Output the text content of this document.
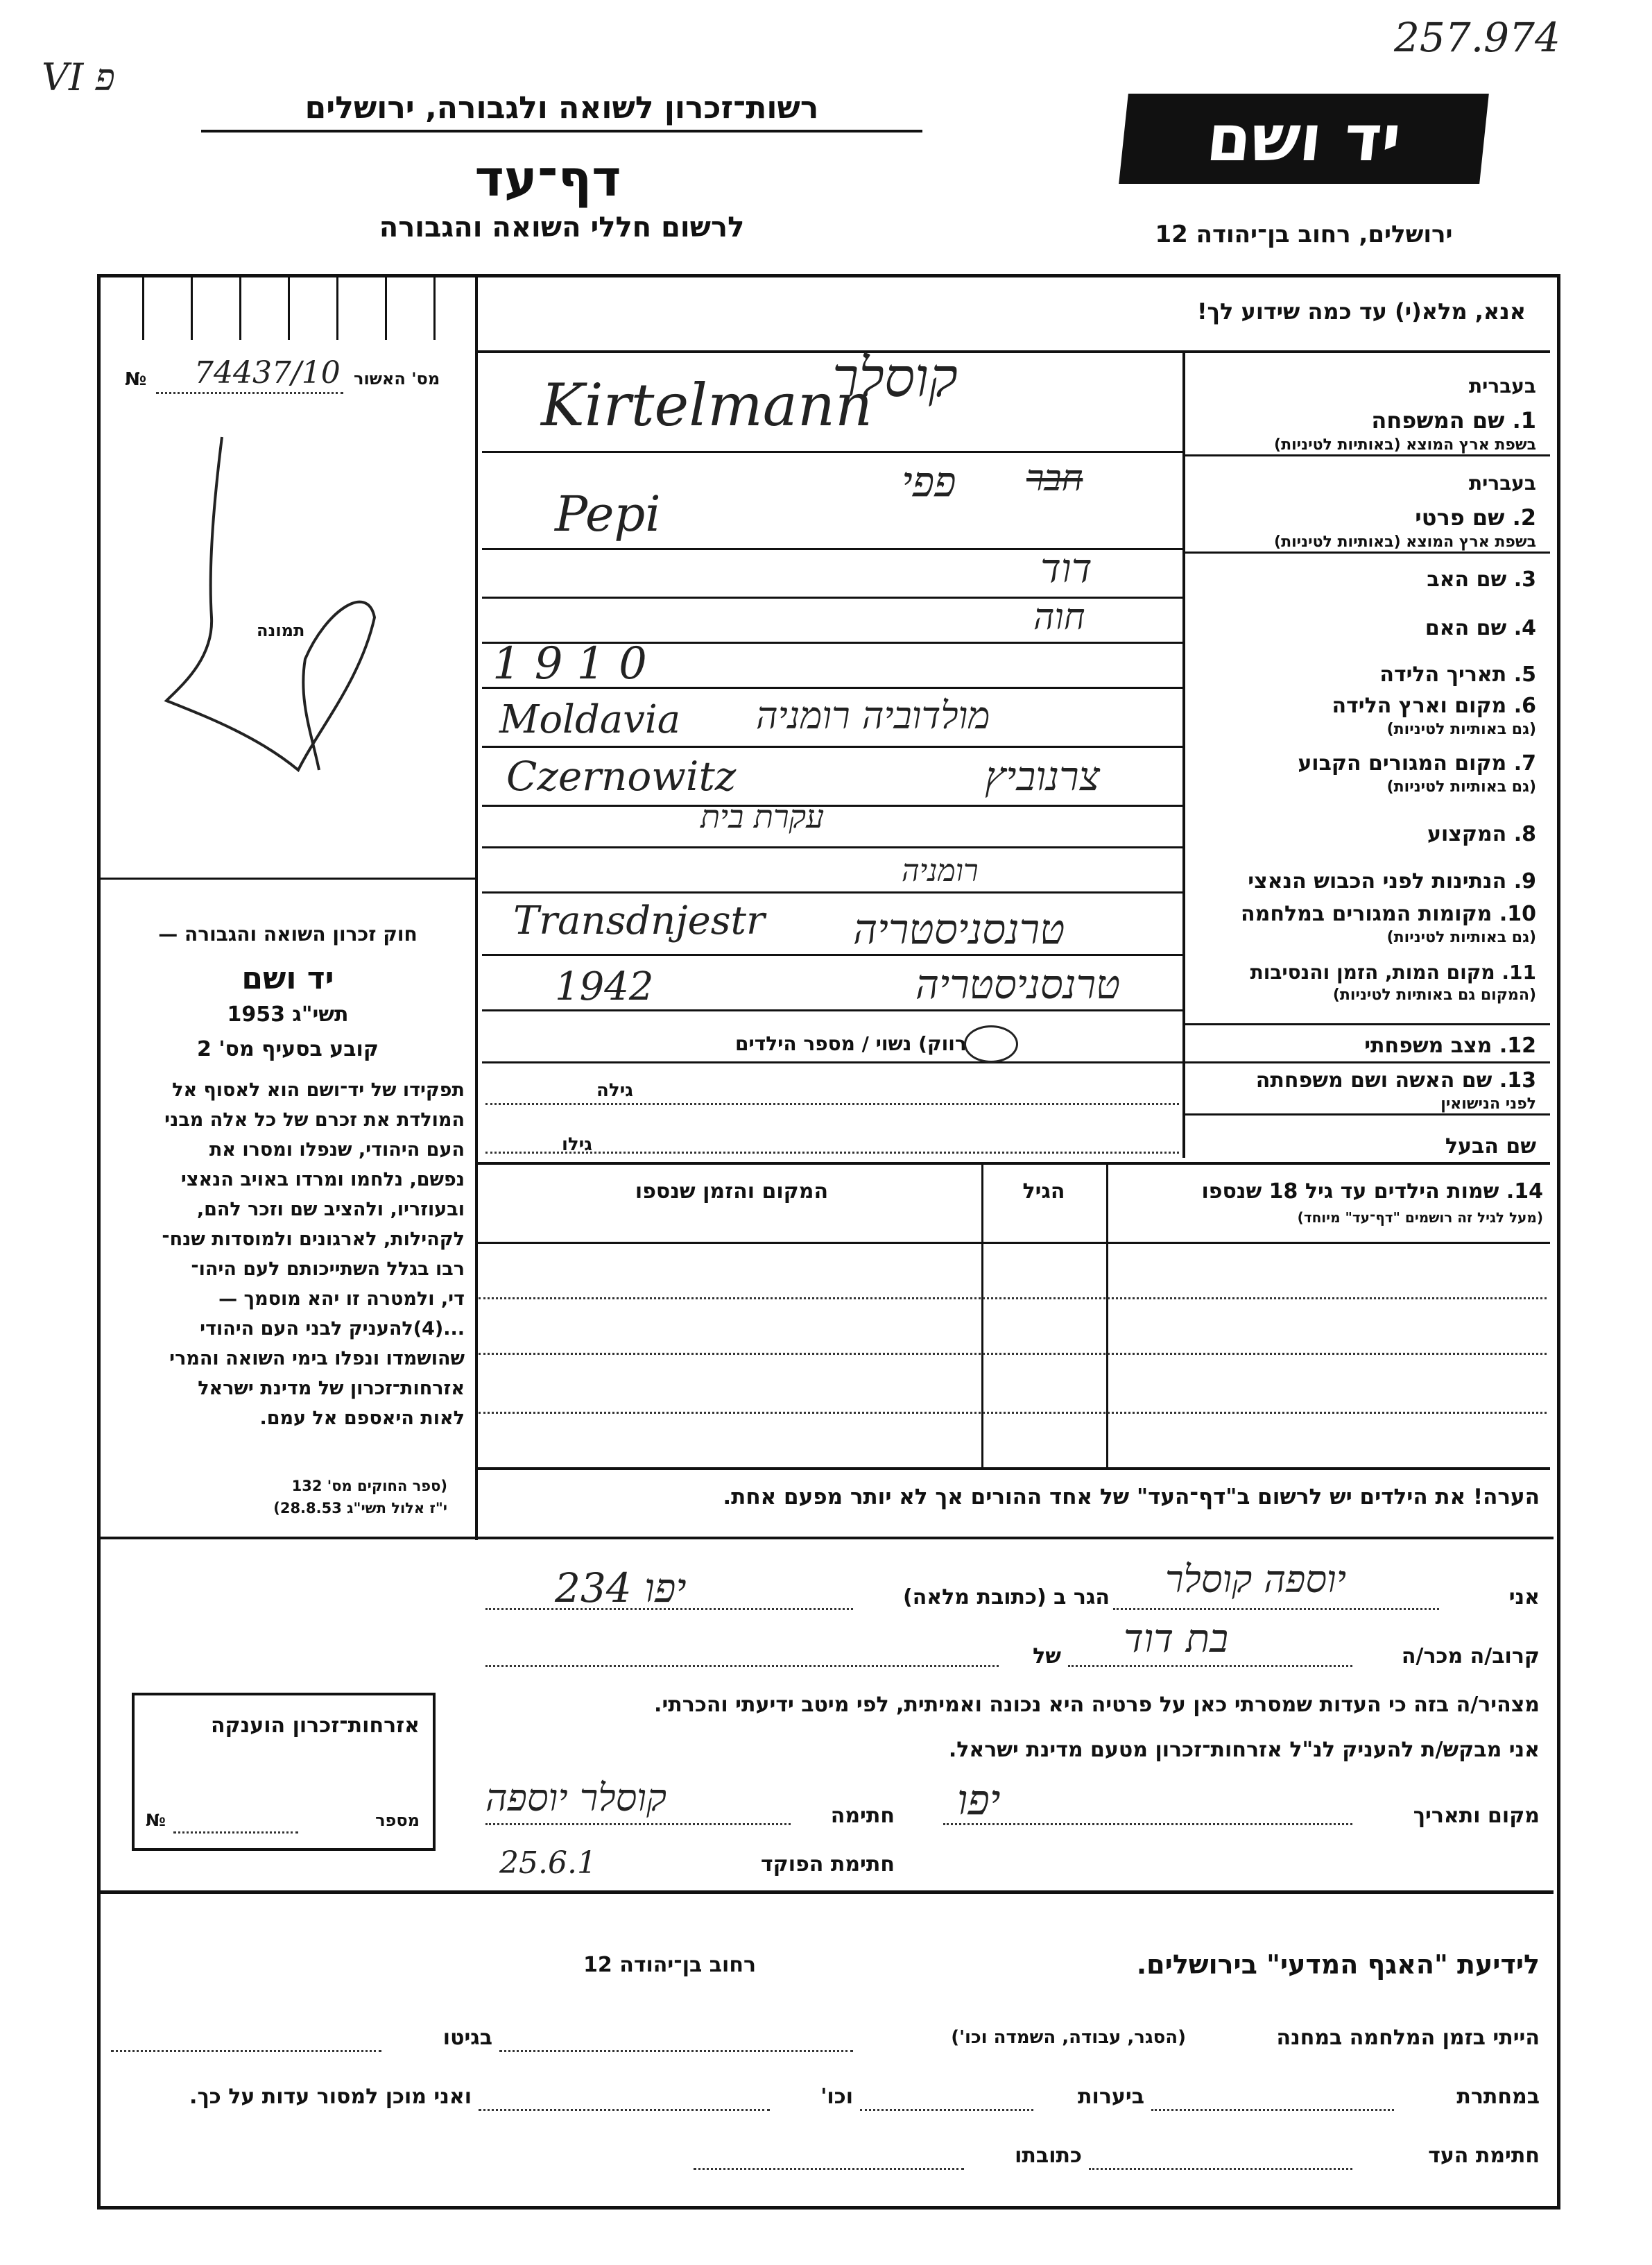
257.974
VI פ
רשות־זכרון לשואה ולגבורה, ירושלים
דף־עד
לרשום חללי השואה והגבורה
יד ושם
ירושלים, רחוב בן־יהודה 12
מס' האשור
№ 74437/10
תמונה
חוק זכרון השואה והגבורה —
יד ושם
תשי"ג 1953
קובע בסעיף מס' 2
תפקידו של יד־ושם הוא לאסוף אל
המולדת את זכרם של כל אלה מבני
העם היהודי, שנפלו ומסרו את
נפשם, נלחמו ומרדו באויב הנאצי
ובעוזריו, ולהציב שם וזכר להם,
לקהילות, לארגונים ולמוסדות שנח־
רבו בגלל השתייכותם לעם היהו־
די, ולמטרה זו יהא מוסמך —
...(4)להעניק לבני העם היהודי
שהושמדו ונפלו בימי השואה והמרי
אזרחות־זכרון של מדינת ישראל
לאות היאספם אל עמם.
(ספר החוקים מס' 132
י"ז אלול תשי"ג 28.8.53)
אנא, מלא(י) עד כמה שידוע לך!
בעברית
1. שם המשפחה
בשפת ארץ המוצא (באותיות לטיניות)
קוסלר
Kirtelmann
חבר	בעברית
2. שם פרטי
בשפת ארץ המוצא (באותיות לטיניות)
פפי
Pepi
3. שם האב
דוד
4. שם האם
חוה
5. תאריך הלידה
1910
6. מקום וארץ הלידה
(גם באותיות לטיניות)
מולדוביה רומניה
Moldavia
7. מקום המגורים הקבוע
(גם באותיות לטיניות)
צרנוביץ
Czernowitz
8. המקצוע
עקרת בית
9. הנתינות לפני הכבוש הנאצי
רומניה
10. מקומות המגורים במלחמה
(גם באותיות לטיניות)
טרנסניסטריה
Transdnjestr
11. מקום המות, הזמן והנסיבות
(המקום גם באותיות לטיניות)
טרנסניסטריה
1942
12. מצב משפחתי
רווק) נשוי / מספר הילדים
13. שם האשה ושם משפחתה
לפני הנישואין
גילה
שם הבעל
גילו
14. שמות הילדים עד גיל 18 שנספו
(מעל לגיל זה רושמים "דף־עד" מיוחד)
הגיל
המקום והזמן שנספו
הערה! את הילדים יש לרשום ב"דף־העד" של אחד ההורים אך לא יותר מפעם אחת.
אני
יוספה קוסלר
הגר ב (כתובת מלאה)
יפו 234
קרוב/ה מכר/ה
בת דוד
של
מצהיר/ה בזה כי העדות שמסרתי כאן על פרטיה היא נכונה ואמיתית, לפי מיטב ידיעתי והכרתי.
אני מבקש/ת להעניק לנ"ל אזרחות־זכרון מטעם מדינת ישראל.
מקום ותאריך
יפו
חתימה
קוסלר יוספה
חתימת הפוקד
25.6.1
אזרחות־זכרון הוענקה
מספר
№
לידיעת "האגף המדעי" בירושלים.
רחוב בן־יהודה 12
הייתי בזמן המלחמה במחנה
(הסגר, עבודה, השמדה וכו')
בגיטו
במחתרת
ביערות
וכו'
ואני מוכן למסור עדות על כך.
חתימת העד
כתובתו
